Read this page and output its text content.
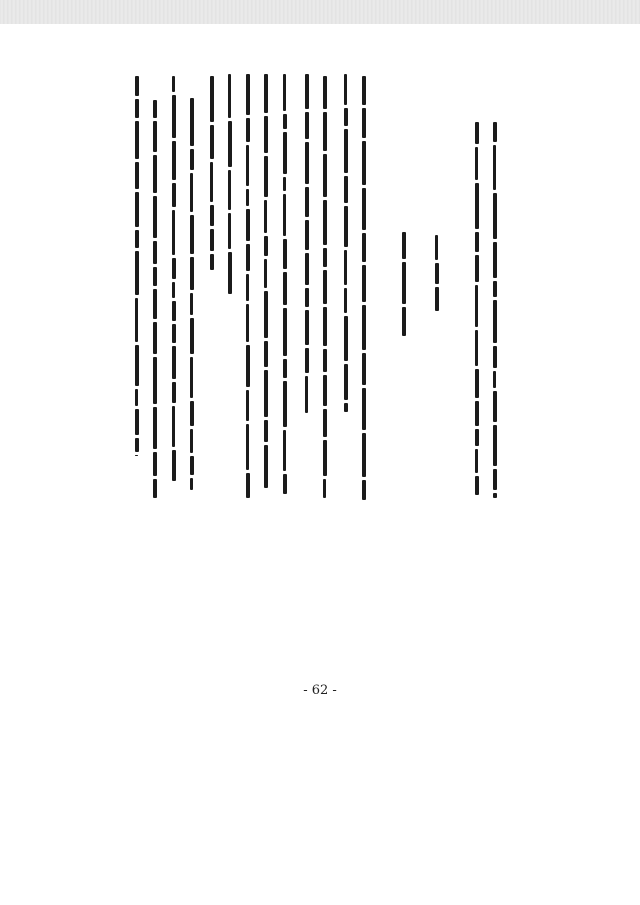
- 62 -
